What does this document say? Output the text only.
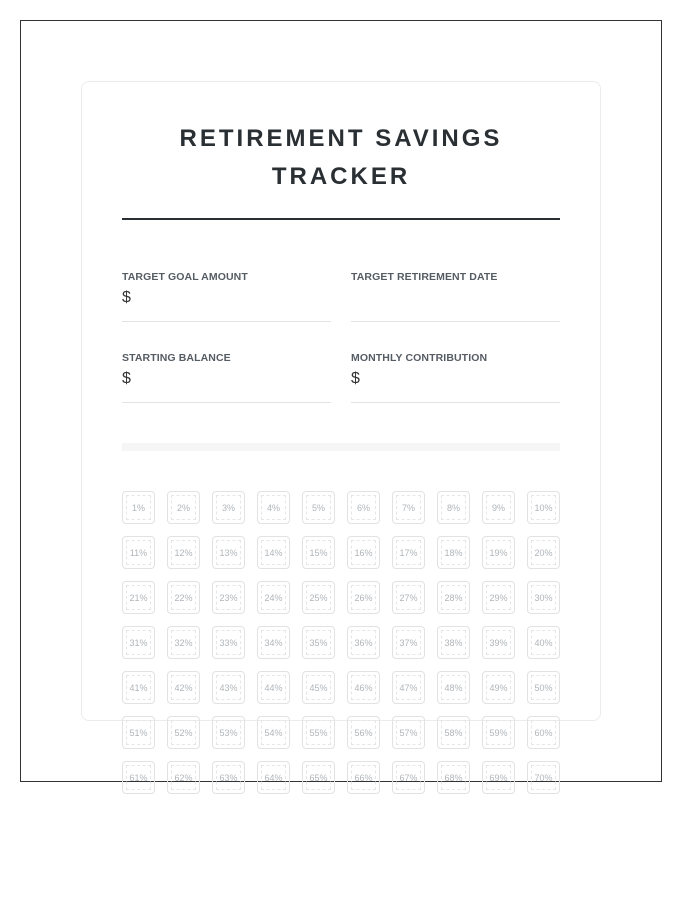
RETIREMENT SAVINGS
TRACKER
TARGET GOAL AMOUNT
$
TARGET RETIREMENT DATE
STARTING BALANCE
$
MONTHLY CONTRIBUTION
$
1%	2%	3%	4%	5%	6%	7%	8%	9%	10%
11%	12%	13%	14%	15%	16%	17%	18%	19%	20%
21%	22%	23%	24%	25%	26%	27%	28%	29%	30%
31%	32%	33%	34%	35%	36%	37%	38%	39%	40%
41%	42%	43%	44%	45%	46%	47%	48%	49%	50%
51%	52%	53%	54%	55%	56%	57%	58%	59%	60%
61%	62%	63%	64%	65%	66%	67%	68%	69%	70%
